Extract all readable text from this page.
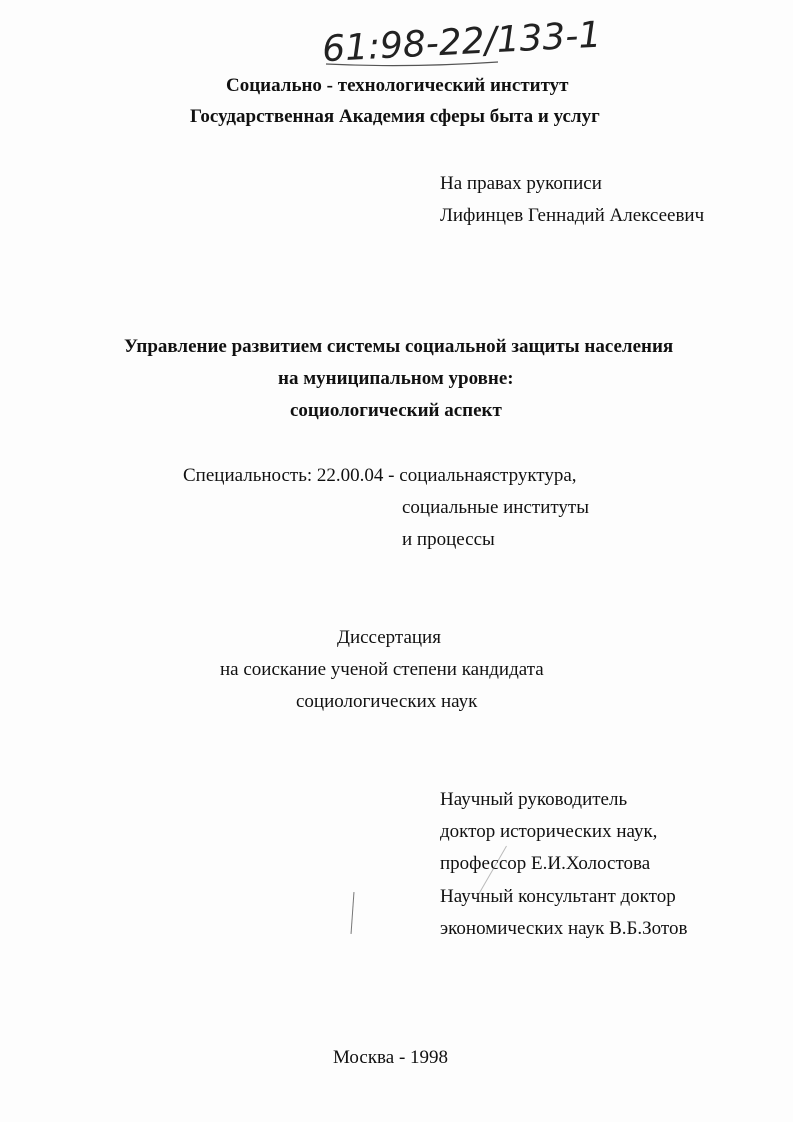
61:98-22/133-1
Социально - технологический институт
Государственная Академия сферы быта и услуг
На правах рукописи
Лифинцев Геннадий Алексеевич
Управление развитием системы социальной защиты населения
на муниципальном уровне:
социологический аспект
Специальность: 22.00.04 - социальнаяструктура,
социальные институты
и процессы
Диссертация
на соискание ученой степени кандидата
социологических наук
Научный руководитель
доктор исторических наук,
профессор Е.И.Холостова
Научный консультант доктор
экономических наук В.Б.Зотов
Москва - 1998
